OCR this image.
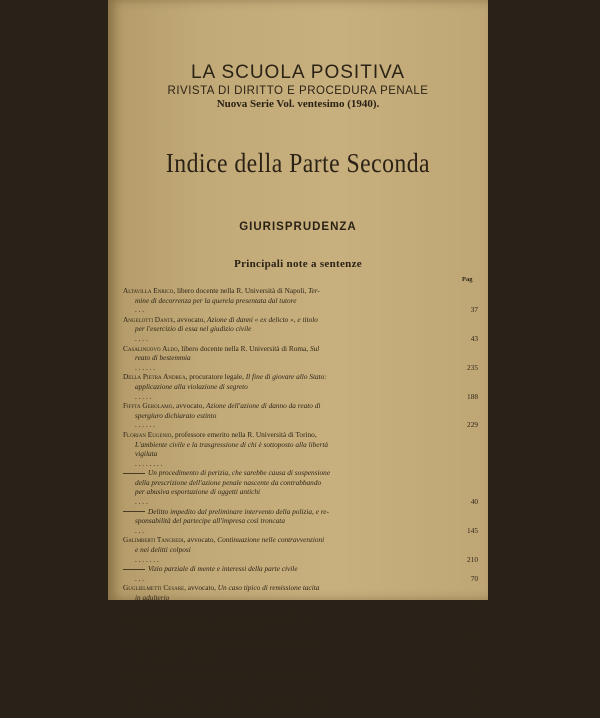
LA SCUOLA POSITIVA
RIVISTA DI DIRITTO E PROCEDURA PENALE
Nuova Serie Vol. ventesimo (1940).
Indice della Parte Seconda
GIURISPRUDENZA
Principali note a sentenze
Pag
Altavilla Enrico, libero docente nella R. Università di Napoli, Ter-
mine di decorrenza per la querela presentata dal tutore
. . .	37
Angelotti Dante, avvocato, Azione di danni « ex delicto », e titolo
per l'esercizio di essa nel giudizio civile
. . . .	43
Casalinuovo Aldo, libero docente nella R. Università di Roma, Sul
reato di bestemmia
. . . . . .	235
Della Pietra Andrea, procuratore legale, Il fine di giovare allo Stato:
applicazione alla violazione di segreto
. . . . .	188
Fiffta Gerolamo, avvocato, Azione dell'azione di danno da reato di
spergiuro dichiarato estinto
. . . . . .	229
Florian Eugenio, professore emerito nella R. Università di Torino,
L'ambiente civile e la trasgressione di chi è sottoposto alla libertà
vigilata
. . . . . . . .
Un procedimento di perizia, che sarebbe causa di sospensione
della prescrizione dell'azione penale nascente da contrabbando
per abusiva esportazione di oggetti antichi
. . . .	40
Delitto impedito dal preliminare intervento della polizia, e re-
sponsabilità del partecipe all'impresa così troncata
. . .	145
Galimberti Tancredi, avvocato, Continuazione nelle contravvenzioni
e nei delitti colposi
. . . . . . .	210
Vizio parziale di mente e interessi della parte civile
. . .	70
Guglielmetti Cesare, avvocato, Un caso tipico di remissione tacita
in adulterio
. . . . . . .	269
Milillo Domenico, avvocato, I titolari del diritto alla notifica del-
l'avviso di deposito della sentenza impugnata
. . . .	120
Mutti Francesco, avvocato, Condanna unica per più reati, e sospen-
sione condizionale della pena
. . . . .	224
Perisco Giovanni, avvocato, La Cassazione e l'accertamento psichia-
trico
. . . . . . . . .	60
Perso Massimo, procuratore legale, Danno non patrimoniale risarcibile	251
129
